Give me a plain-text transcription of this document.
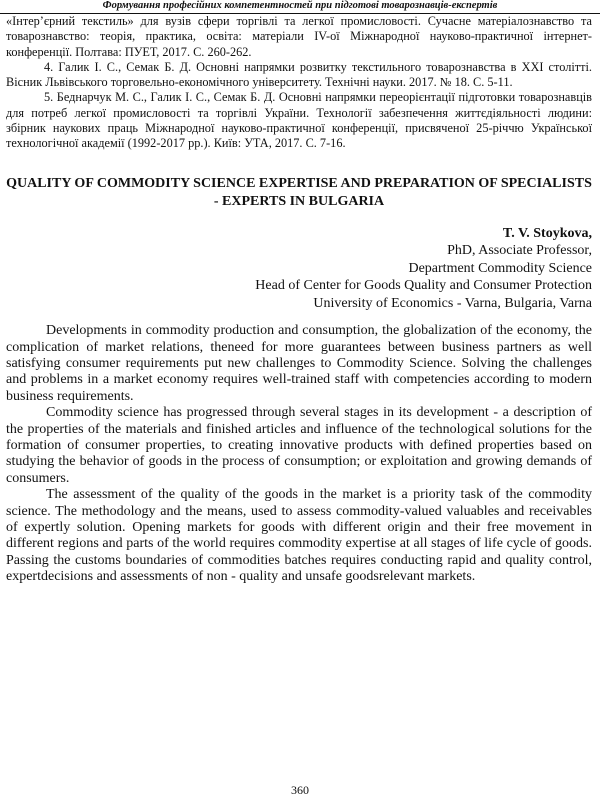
Формування професійних компетентностей при підготові товарознавців-експертів

«Інтер’єрний текстиль» для вузів сфери торгівлі та легкої промисловості. Сучасне матеріалознавство та товарознавство: теорія, практика, освіта: матеріали IV-ої Міжнародної науково-практичної інтернет-конференції. Полтава: ПУЕТ, 2017. С. 260-262.

4. Галик І. С., Семак Б. Д. Основні напрямки розвитку текстильного товарознавства в XXI столітті. Вісник Львівського торговельно-економічного університету. Технічні науки. 2017. № 18. С. 5-11.
5. Беднарчук М. С., Галик І. С., Семак Б. Д. Основні напрямки переорієнтації підготовки товарознавців для потреб легкої промисловості та торгівлі України. Технології забезпечення життєдіяльності людини: збірник наукових праць Міжнародної науково-практичної конференції, присвяченої 25-річчю Української технологічної академії (1992-2017 рр.). Київ: УТА, 2017. С. 7-16.
QUALITY OF COMMODITY SCIENCE EXPERTISE AND PREPARATION OF SPECIALISTS - EXPERTS IN BULGARIA
T. V. Stoykova,
PhD, Associate Professor,
Department Commodity Science
Head of Center for Goods Quality and Consumer Protection
University of Economics - Varna, Bulgaria, Varna

Developments in commodity production and consumption, the globalization of the economy, the complication of market relations, theneed for more guarantees between business partners as well satisfying consumer requirements put new challenges to Commodity Science. Solving the challenges and problems in a market economy requires well-trained staff with competencies according to modern business requirements.

Commodity science has progressed through several stages in its development - a description of the properties of the materials and finished articles and influence of the technological solutions for the formation of consumer properties, to creating innovative products with defined properties based on studying the behavior of goods in the process of consumption; or exploitation and growing demands of consumers.

The assessment of the quality of the goods in the market is a priority task of the commodity science. The methodology and the means, used to assess commodity-valued valuables and receivables of expertly solution. Opening markets for goods with different origin and their free movement in different regions and parts of the world requires commodity expertise at all stages of life cycle of goods. Passing the customs boundaries of commodities batches requires conducting rapid and quality control, expertdecisions and assessments of non - quality and unsafe goodsrelevant markets.

360
